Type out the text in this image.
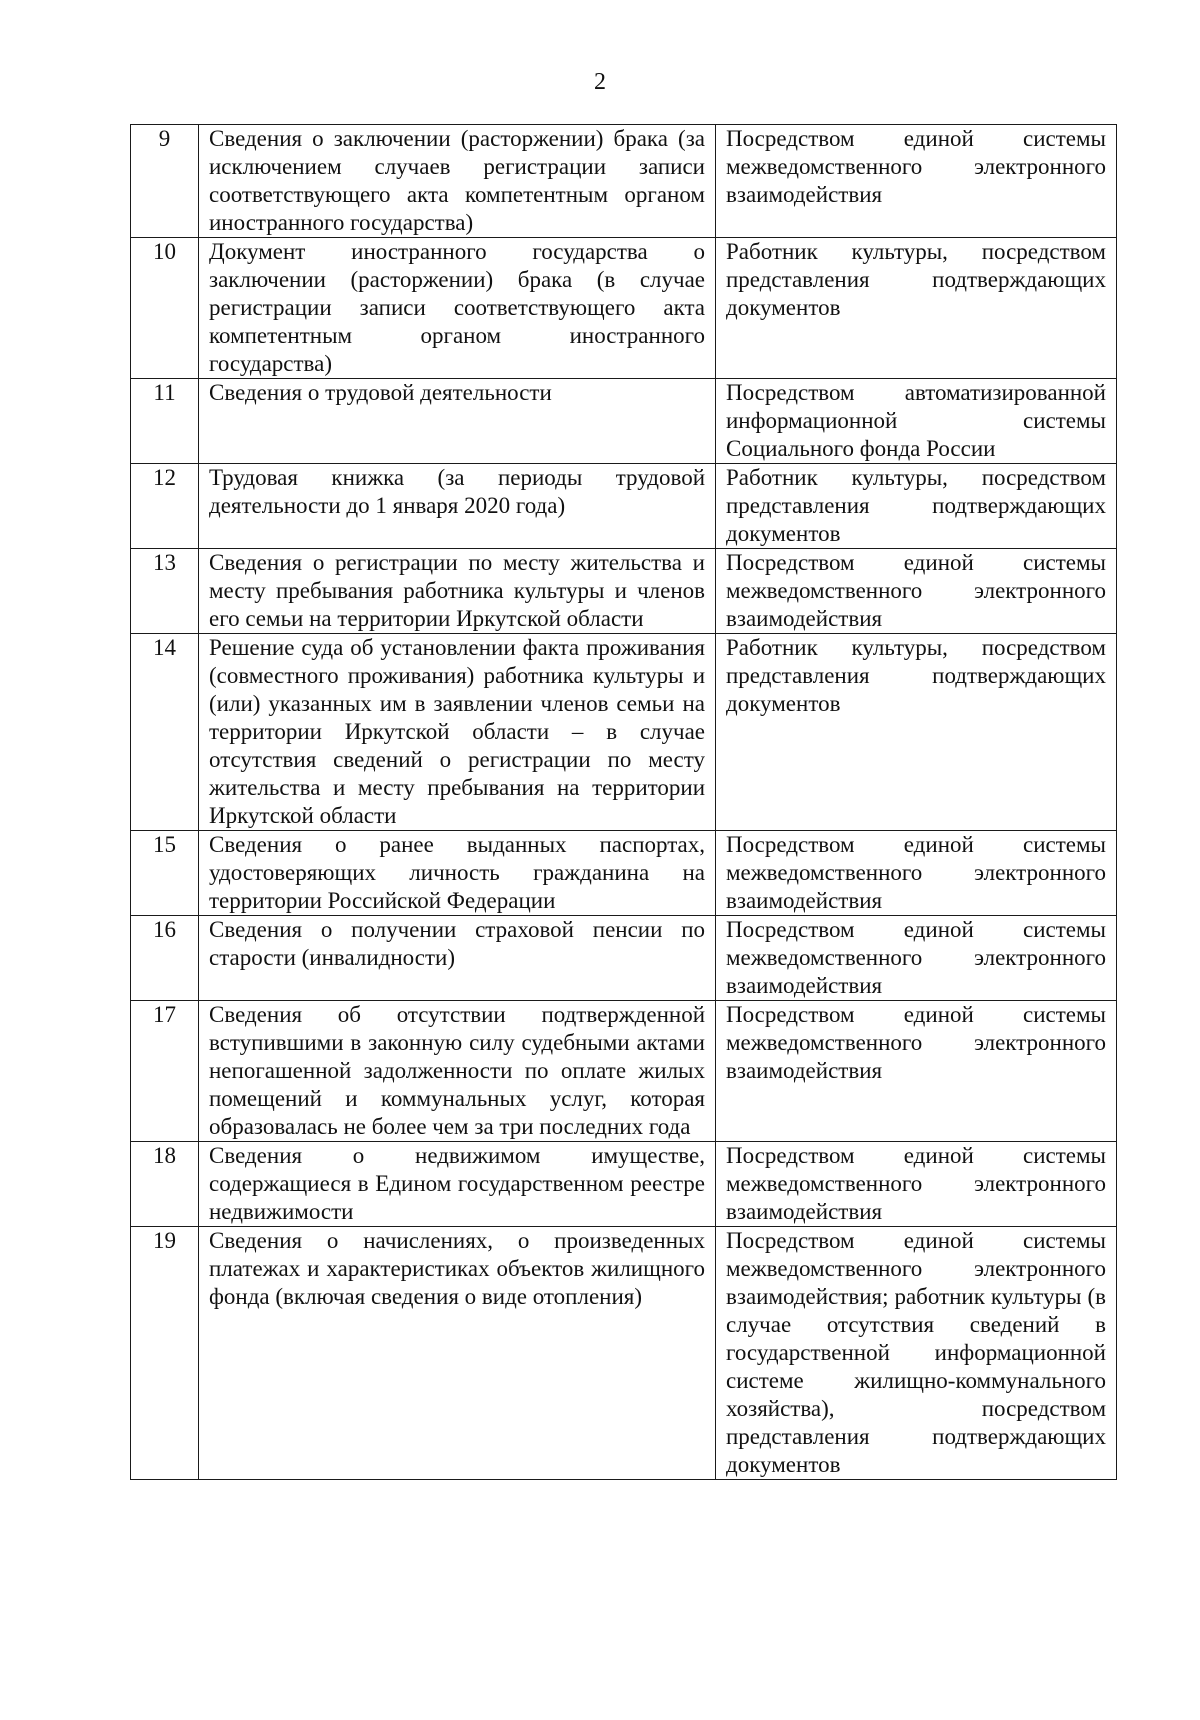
2
9	Сведения о заключении (расторжении) брака (за исключением случаев регистрации записи соответствующего акта компетентным органом иностранного государства)	Посредством единой системы межведомственного электронного взаимодействия
10	Документ иностранного государства о заключении (расторжении) брака (в случае регистрации записи соответствующего акта компетентным органом иностранного государства)	Работник культуры, посредством представления подтверждающих документов
11	Сведения о трудовой деятельности	Посредством автоматизированной информационной системы Социального фонда России
12	Трудовая книжка (за периоды трудовой деятельности до 1 января 2020 года)	Работник культуры, посредством представления подтверждающих документов
13	Сведения о регистрации по месту жительства и месту пребывания работника культуры и членов его семьи на территории Иркутской области	Посредством единой системы межведомственного электронного взаимодействия
14	Решение суда об установлении факта проживания (совместного проживания) работника культуры и (или) указанных им в заявлении членов семьи на территории Иркутской области – в случае отсутствия сведений о регистрации по месту жительства и месту пребывания на территории Иркутской области	Работник культуры, посредством представления подтверждающих документов
15	Сведения о ранее выданных паспортах, удостоверяющих личность гражданина на территории Российской Федерации	Посредством единой системы межведомственного электронного взаимодействия
16	Сведения о получении страховой пенсии по старости (инвалидности)	Посредством единой системы межведомственного электронного взаимодействия
17	Сведения об отсутствии подтвержденной вступившими в законную силу судебными актами непогашенной задолженности по оплате жилых помещений и коммунальных услуг, которая образовалась не более чем за три последних года	Посредством единой системы межведомственного электронного взаимодействия
18	Сведения о недвижимом имуществе, содержащиеся в Едином государственном реестре недвижимости	Посредством единой системы межведомственного электронного взаимодействия
19	Сведения о начислениях, о произведенных платежах и характеристиках объектов жилищного фонда (включая сведения о виде отопления)	Посредством единой системы межведомственного электронного взаимодействия; работник культуры (в случае отсутствия сведений в государственной информационной системе жилищно-коммунального хозяйства), посредством представления подтверждающих документов
